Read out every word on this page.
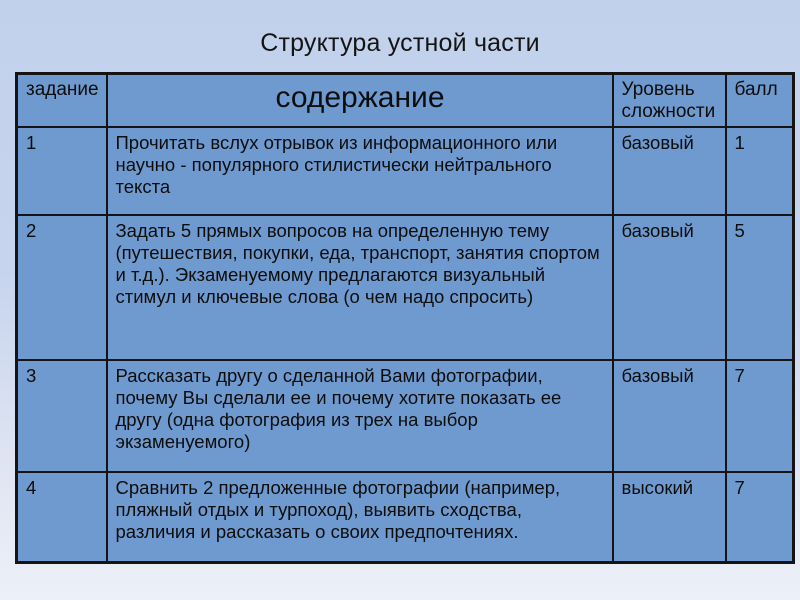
Структура устной части
задание	содержание	Уровень сложности	балл
1	Прочитать вслух отрывок из информационного или научно - популярного стилистически нейтрального текста	базовый	1
2	Задать 5 прямых вопросов на определенную тему (путешествия, покупки, еда, транспорт, занятия спортом и т.д.). Экзаменуемому предлагаются визуальный стимул и ключевые слова (о чем надо спросить)	базовый	5
3	Рассказать другу о сделанной Вами фотографии, почему Вы сделали ее и почему хотите показать ее другу (одна фотография из трех на выбор экзаменуемого)	базовый	7
4	Сравнить 2 предложенные фотографии (например, пляжный отдых и турпоход), выявить сходства, различия и рассказать о своих предпочтениях.	высокий	7
